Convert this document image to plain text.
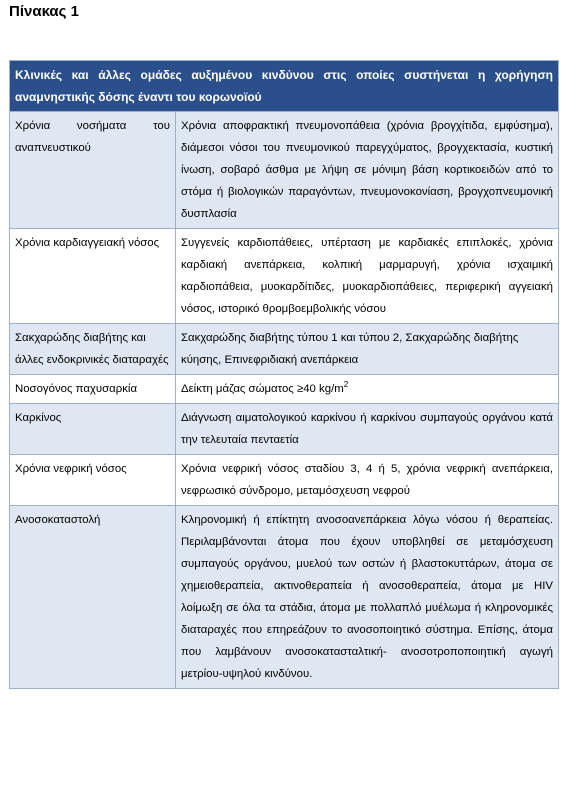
Πίνακας 1
Κλινικές και άλλες ομάδες αυξημένου κινδύνου στις οποίες συστήνεται η χορήγηση αναμνηστικής δόσης έναντι του κορωνοϊού	
Χρόνια νοσήματα του αναπνευστικού	Χρόνια αποφρακτική πνευμονοπάθεια (χρόνια βρογχίτιδα, εμφύσημα), διάμεσοι νόσοι του πνευμονικού παρεγχύματος, βρογχεκτασία, κυστική ίνωση, σοβαρό άσθμα με λήψη σε μόνιμη βάση κορτικοειδών από το στόμα ή βιολογικών παραγόντων, πνευμονοκονίαση, βρογχοπνευμονική δυσπλασία
Χρόνια καρδιαγγειακή νόσος	Συγγενείς καρδιοπάθειες, υπέρταση με καρδιακές επιπλοκές, χρόνια καρδιακή ανεπάρκεια, κολπική μαρμαρυγή, χρόνια ισχαιμική καρδιοπάθεια, μυοκαρδίτιδες, μυοκαρδιοπάθειες, περιφερική αγγειακή νόσος, ιστορικό θρομβοεμβολικής νόσου
Σακχαρώδης διαβήτης και άλλες ενδοκρινικές διαταραχές	Σακχαρώδης διαβήτης τύπου 1 και τύπου 2, Σακχαρώδης διαβήτης κύησης, Επινεφριδιακή ανεπάρκεια
Νοσογόνος παχυσαρκία	Δείκτη μάζας σώματος ≥40 $kg/m^2$
Καρκίνος	Διάγνωση αιματολογικού καρκίνου ή καρκίνου συμπαγούς οργάνου κατά την τελευταία πενταετία
Χρόνια νεφρική νόσος	Χρόνια νεφρική νόσος σταδίου 3, 4 ή 5, χρόνια νεφρική ανεπάρκεια, νεφρωσικό σύνδρομο, μεταμόσχευση νεφρού
Ανοσοκαταστολή	Κληρονομική ή επίκτητη ανοσοανεπάρκεια λόγω νόσου ή θεραπείας. Περιλαμβάνονται άτομα που έχουν υποβληθεί σε μεταμόσχευση συμπαγούς οργάνου, μυελού των οστών ή βλαστοκυττάρων, άτομα σε χημειοθεραπεία, ακτινοθεραπεία ή ανοσοθεραπεία, άτομα με HIV λοίμωξη σε όλα τα στάδια, άτομα με πολλαπλό μυέλωμα ή κληρονομικές διαταραχές που επηρεάζουν το ανοσοποιητικό σύστημα. Επίσης, άτομα που λαμβάνουν ανοσοκατασταλτική- ανοσοτροποποιητική αγωγή μετρίου-υψηλού κινδύνου.
